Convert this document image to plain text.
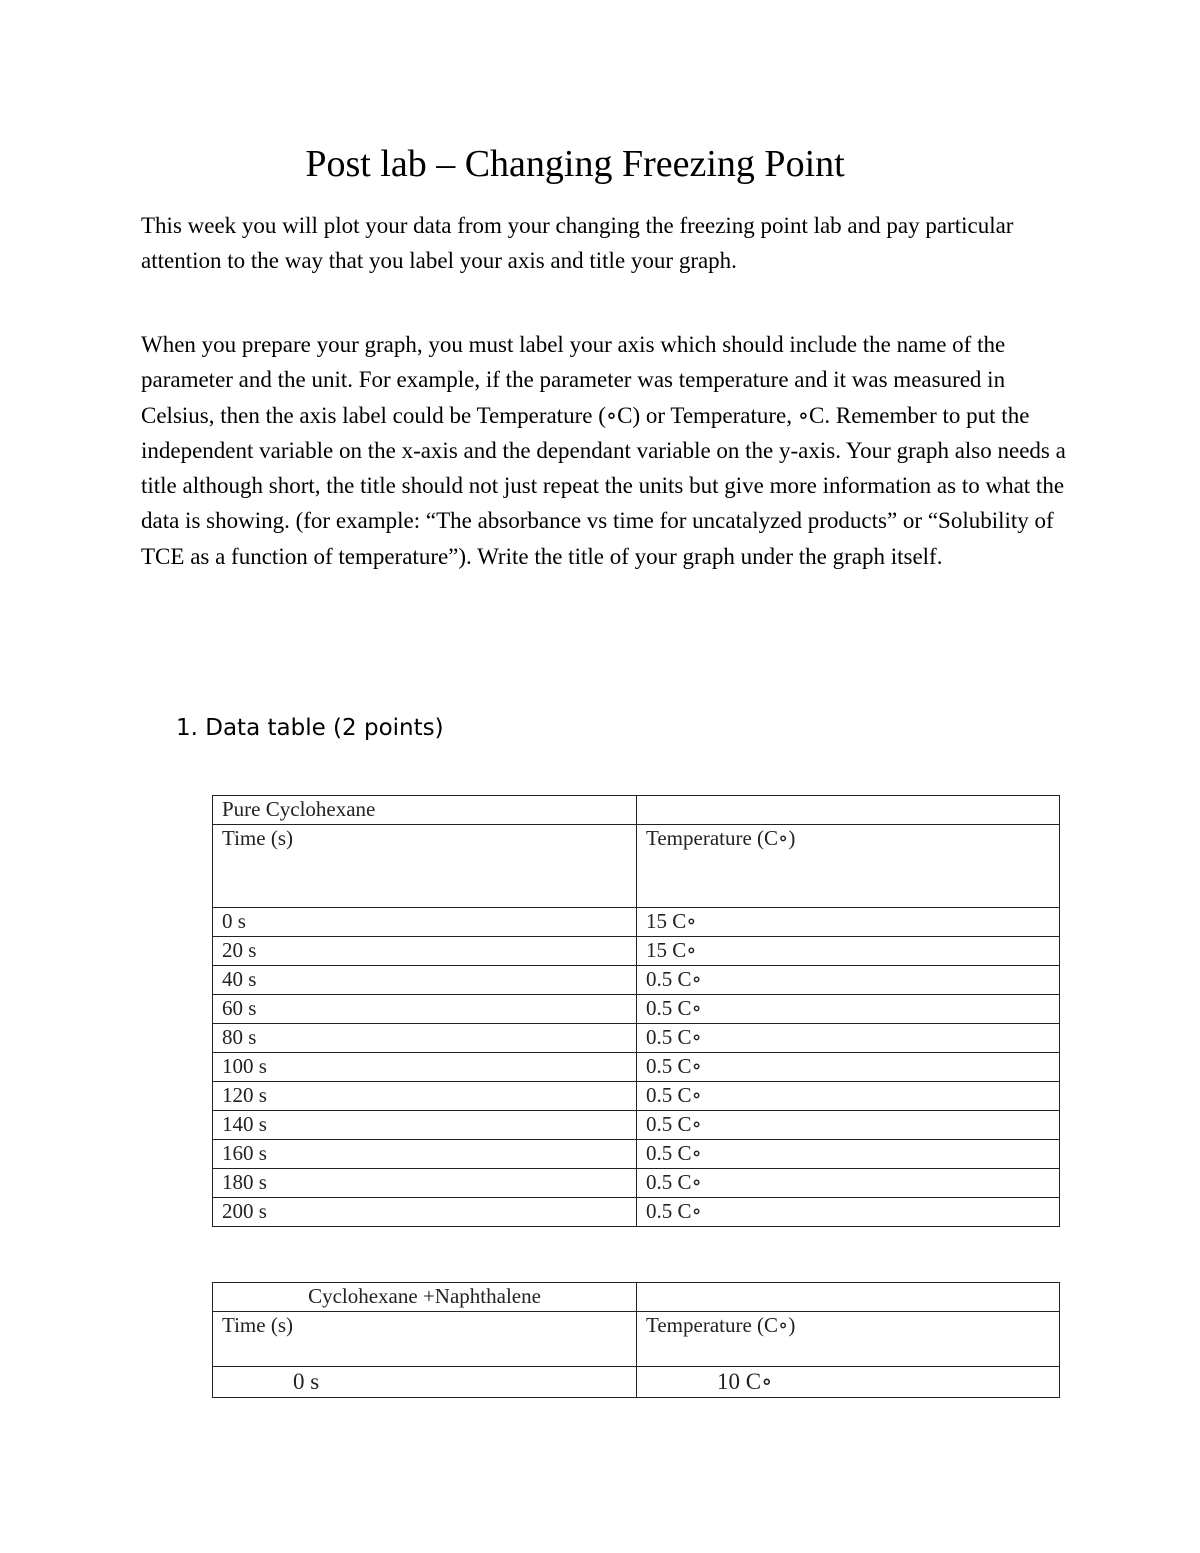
Post lab – Changing Freezing Point

This week you will plot your data from your changing the freezing point lab and pay particular attention to the way that you label your axis and title your graph.

When you prepare your graph, you must label your axis which should include the name of the parameter and the unit. For example, if the parameter was temperature and it was measured in Celsius, then the axis label could be Temperature (∘C) or Temperature, ∘C. Remember to put the independent variable on the x-axis and the dependant variable on the y-axis. Your graph also needs a title although short, the title should not just repeat the units but give more information as to what the data is showing. (for example: “The absorbance vs time for uncatalyzed products” or “Solubility of TCE as a function of temperature”). Write the title of your graph under the graph itself.

1. Data table (2 points)
Pure Cyclohexane	
Time (s)	Temperature (C∘)
0 s	15 C∘
20 s	15 C∘
40 s	0.5 C∘
60 s	0.5 C∘
80 s	0.5 C∘
100 s	0.5 C∘
120 s	0.5 C∘
140 s	0.5 C∘
160 s	0.5 C∘
180 s	0.5 C∘
200 s	0.5 C∘
Cyclohexane +Naphthalene	
Time (s)	Temperature (C∘)
0 s	10 C∘
